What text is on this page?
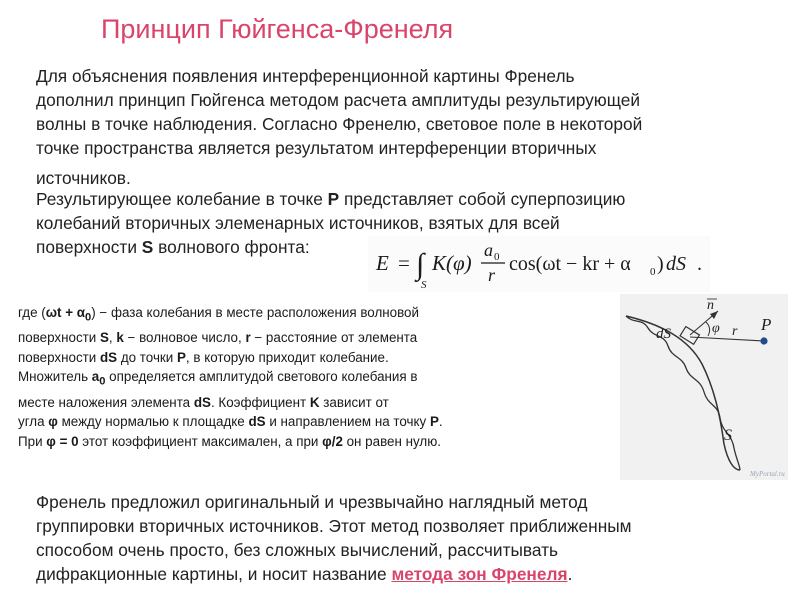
Принцип Гюйгенса-Френеля
Для объяснения появления интерференционной картины Френель
дополнил принцип Гюйгенса методом расчета амплитуды результирующей
волны в точке наблюдения. Согласно Френелю, световое поле в некоторой
точке пространства является результатом интерференции вторичных
источников.
Результирующее колебание в точке P представляет собой суперпозицию
колебаний вторичных элеменарных источников, взятых для всей
поверхности S волнового фронта:
E = ∫
S
K(φ)
a 0
r cos(ωt − kr + α 0 ) dS .
где $(\omega t + \alpha_0)$ − фаза колебания в месте расположения волновой
поверхности S, k − волновое число, r − расстояние от элемента
поверхности dS до точки P, в которую приходит колебание.
Множитель $a_0$ определяется амплитудой светового колебания в
месте наложения элемента dS. Коэффициент K зависит от
угла φ между нормалью к площадке dS и направлением на точку P.
При φ = 0 этот коэффициент максимален, а при φ/2 он равен нулю.
n
φ r
dS	P
S
MyPortal.ru
Френель предложил оригинальный и чрезвычайно наглядный метод
группировки вторичных источников. Этот метод позволяет приближенным
способом очень просто, без сложных вычислений, рассчитывать
дифракционные картины, и носит название метода зон Френеля.
